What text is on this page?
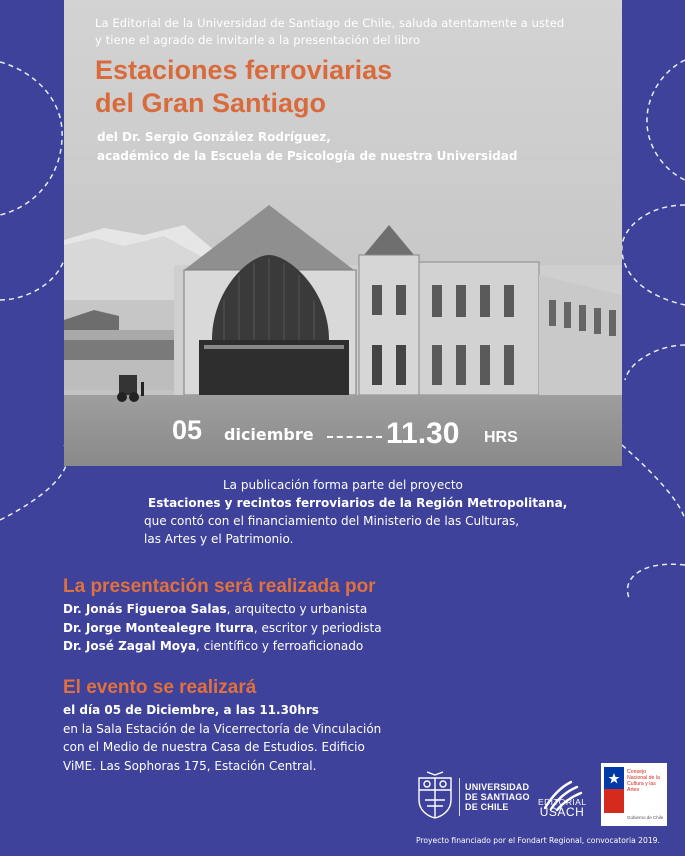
La Editorial de la Universidad de Santiago de Chile, saluda atentamente a usted
y tiene el agrado de invitarle a la presentación del libro
Estaciones ferroviarias
del Gran Santiago
del Dr. Sergio González Rodríguez,
académico de la Escuela de Psicología de nuestra Universidad
05 diciembre 11.30 HRS

La publicación forma parte del proyecto

Estaciones y recintos ferroviarios de la Región Metropolitana,

que contó con el financiamiento del Ministerio de las Culturas,

las Artes y el Patrimonio.

La presentación será realizada por
Dr. Jonás Figueroa Salas, arquitecto y urbanista
Dr. Jorge Montealegre Iturra, escritor y periodista
Dr. José Zagal Moya, científico y ferroaficionado
El evento se realizará
el día 05 de Diciembre, a las 11.30hrs
en la Sala Estación de la Vicerrectoría de Vinculación
con el Medio de nuestra Casa de Estudios. Edificio
ViME. Las Sophoras 175, Estación Central.
UNIVERSIDAD
DE SANTIAGO
DE CHILE	EDITORIAL
USACH
Consejo Nacional de la Cultura y las Artes
Gobierno de Chile
Proyecto financiado por el Fondart Regional, convocatoria 2019.
